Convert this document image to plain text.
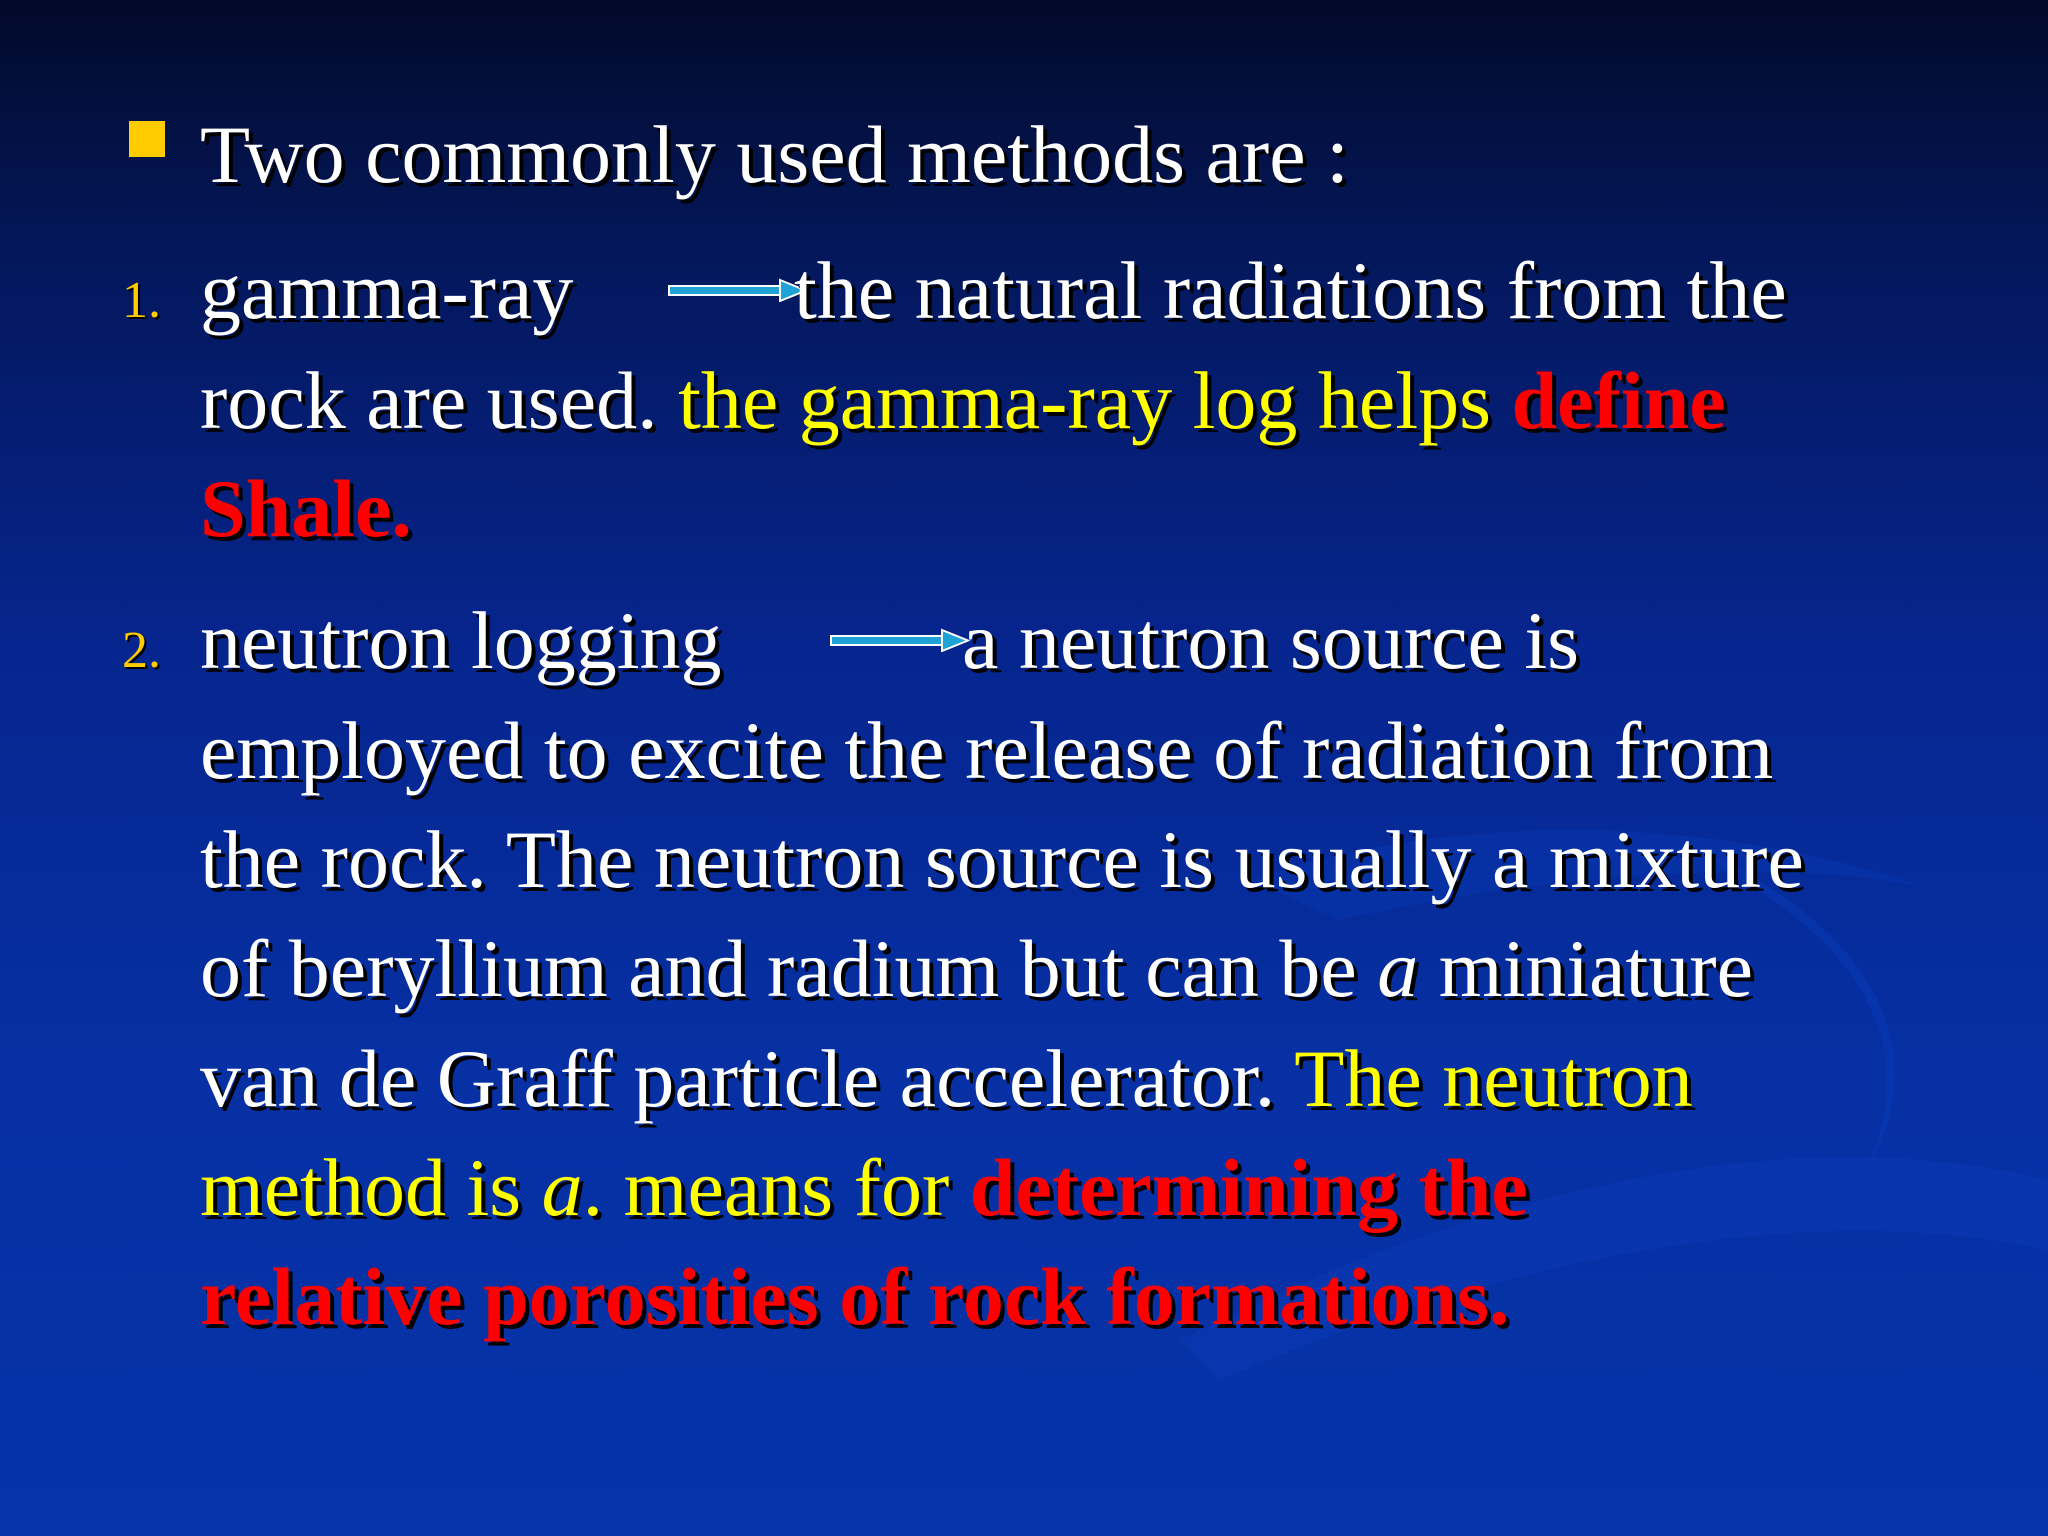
Two commonly used methods are :
1. gamma-ray	the natural radiations from the
rock are used. the gamma-ray log helps define
Shale.
2. neutron logging	a neutron source is
employed to excite the release of radiation from
the rock. The neutron source is usually a mixture
of beryllium and radium but can be a miniature
van de Graff particle accelerator. The neutron
method is a. means for determining the
relative porosities of rock formations.
